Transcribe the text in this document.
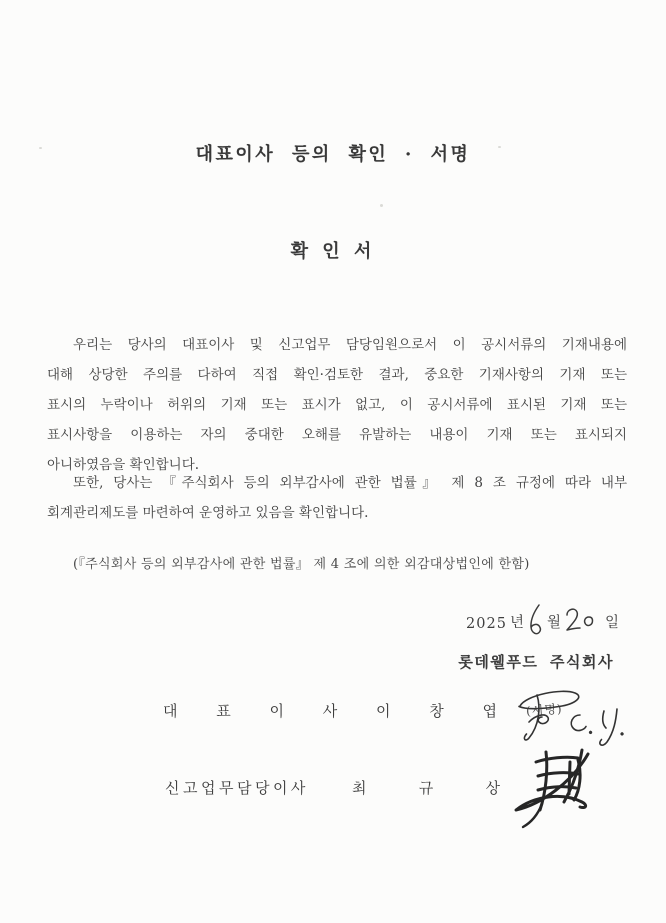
대표이사 등의 확인 · 서명
확 인 서
우리는 당사의 대표이사 및 신고업무 담당임원으로서 이 공시서류의 기재내용에
대해 상당한 주의를 다하여 직접 확인·검토한 결과, 중요한 기재사항의 기재 또는
표시의 누락이나 허위의 기재 또는 표시가 없고, 이 공시서류에 표시된 기재 또는
표시사항을 이용하는 자의 중대한 오해를 유발하는 내용이 기재 또는 표시되지
아니하였음을 확인합니다.
또한, 당사는 『주식회사 등의 외부감사에 관한 법률』 제 8 조 규정에 따라 내부
회계관리제도를 마련하여 운영하고 있음을 확인합니다.
(『주식회사 등의 외부감사에 관한 법률』 제 4 조에 의한 외감대상법인에 한함)
2025 년 월	일
롯데웰푸드 주식회사
대	표	이	사	이	창	엽 (서명)
신고업무담당이사	최	규	상
